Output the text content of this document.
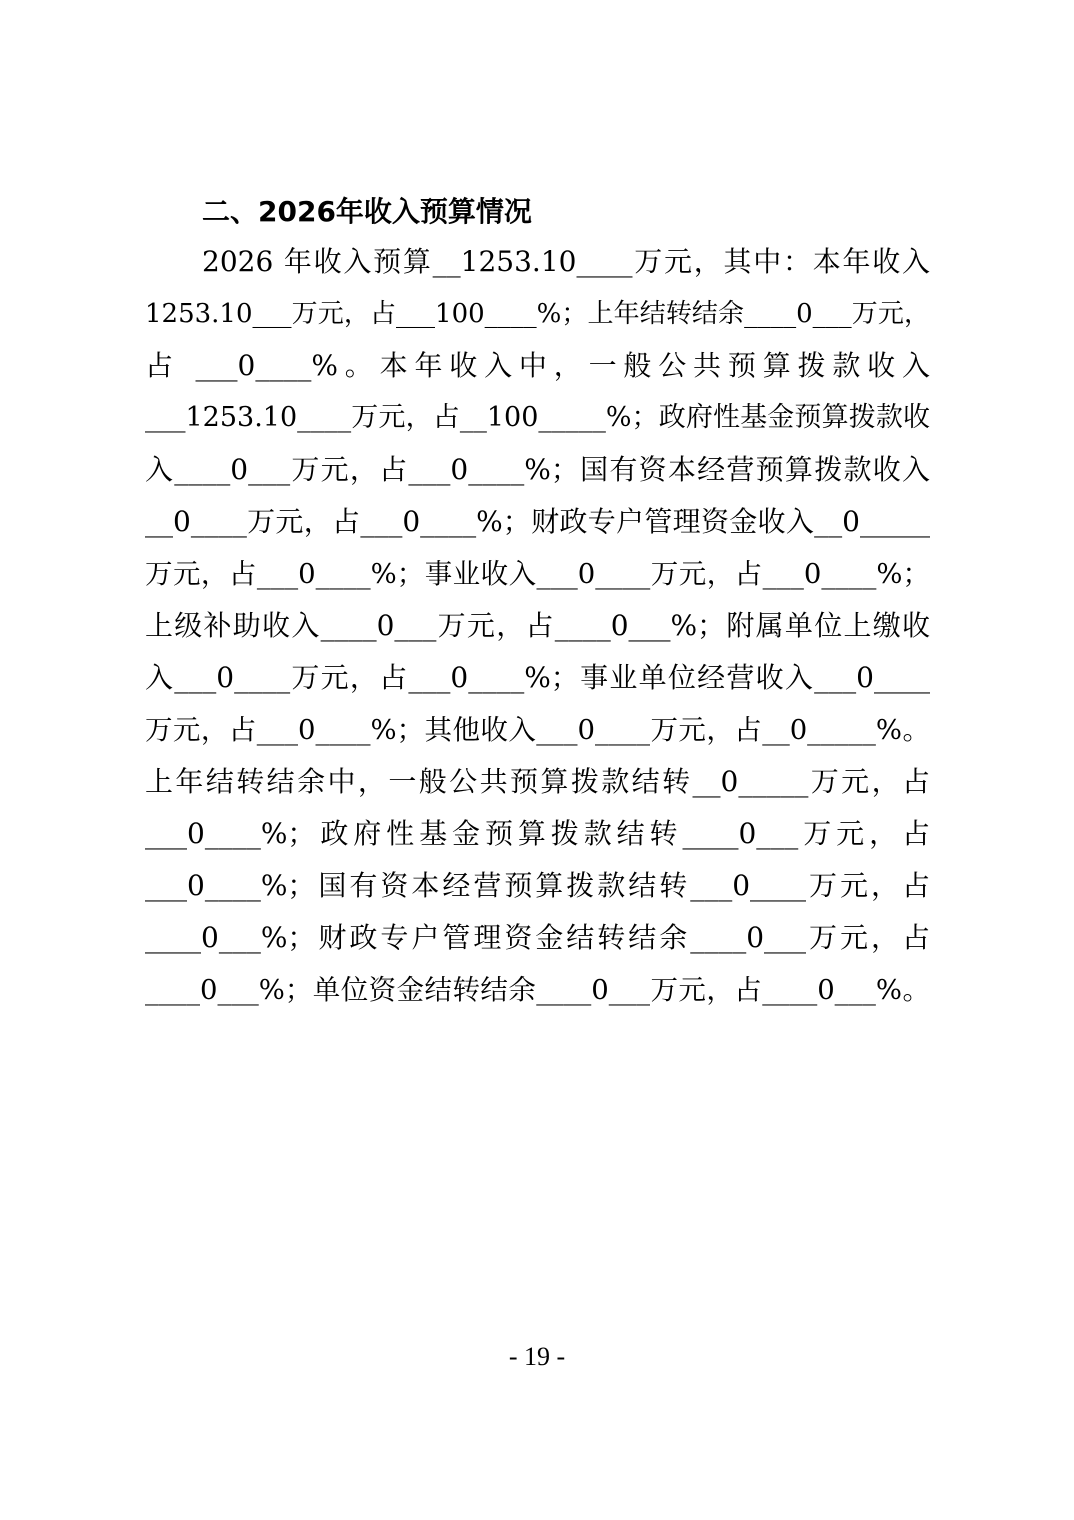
二、2026年收入预算情况
2026 年收入预算__1253.10____万元，其中：本年收入
1253.10___万元，占___100____%；上年结转结余____0___万元，
占 ___0____%。本年收入中，一般公共预算拨款收入
___1253.10____万元，占__100_____%；政府性基金预算拨款收
入____0___万元，占___0____%；国有资本经营预算拨款收入
__0____万元，占___0____%；财政专户管理资金收入__0_____
万元，占___0____%；事业收入___0____万元，占___0____%；
上级补助收入____0___万元，占____0___%；附属单位上缴收
入___0____万元，占___0____%；事业单位经营收入___0____
万元，占___0____%；其他收入___0____万元，占__0_____%。
上年结转结余中，一般公共预算拨款结转__0_____万元，占
___0____%；政府性基金预算拨款结转____0___万元，占
___0____%；国有资本经营预算拨款结转___0____万元，占
____0___%；财政专户管理资金结转结余____0___万元，占
____0___%；单位资金结转结余____0___万元，占____0___%。
- 19 -
